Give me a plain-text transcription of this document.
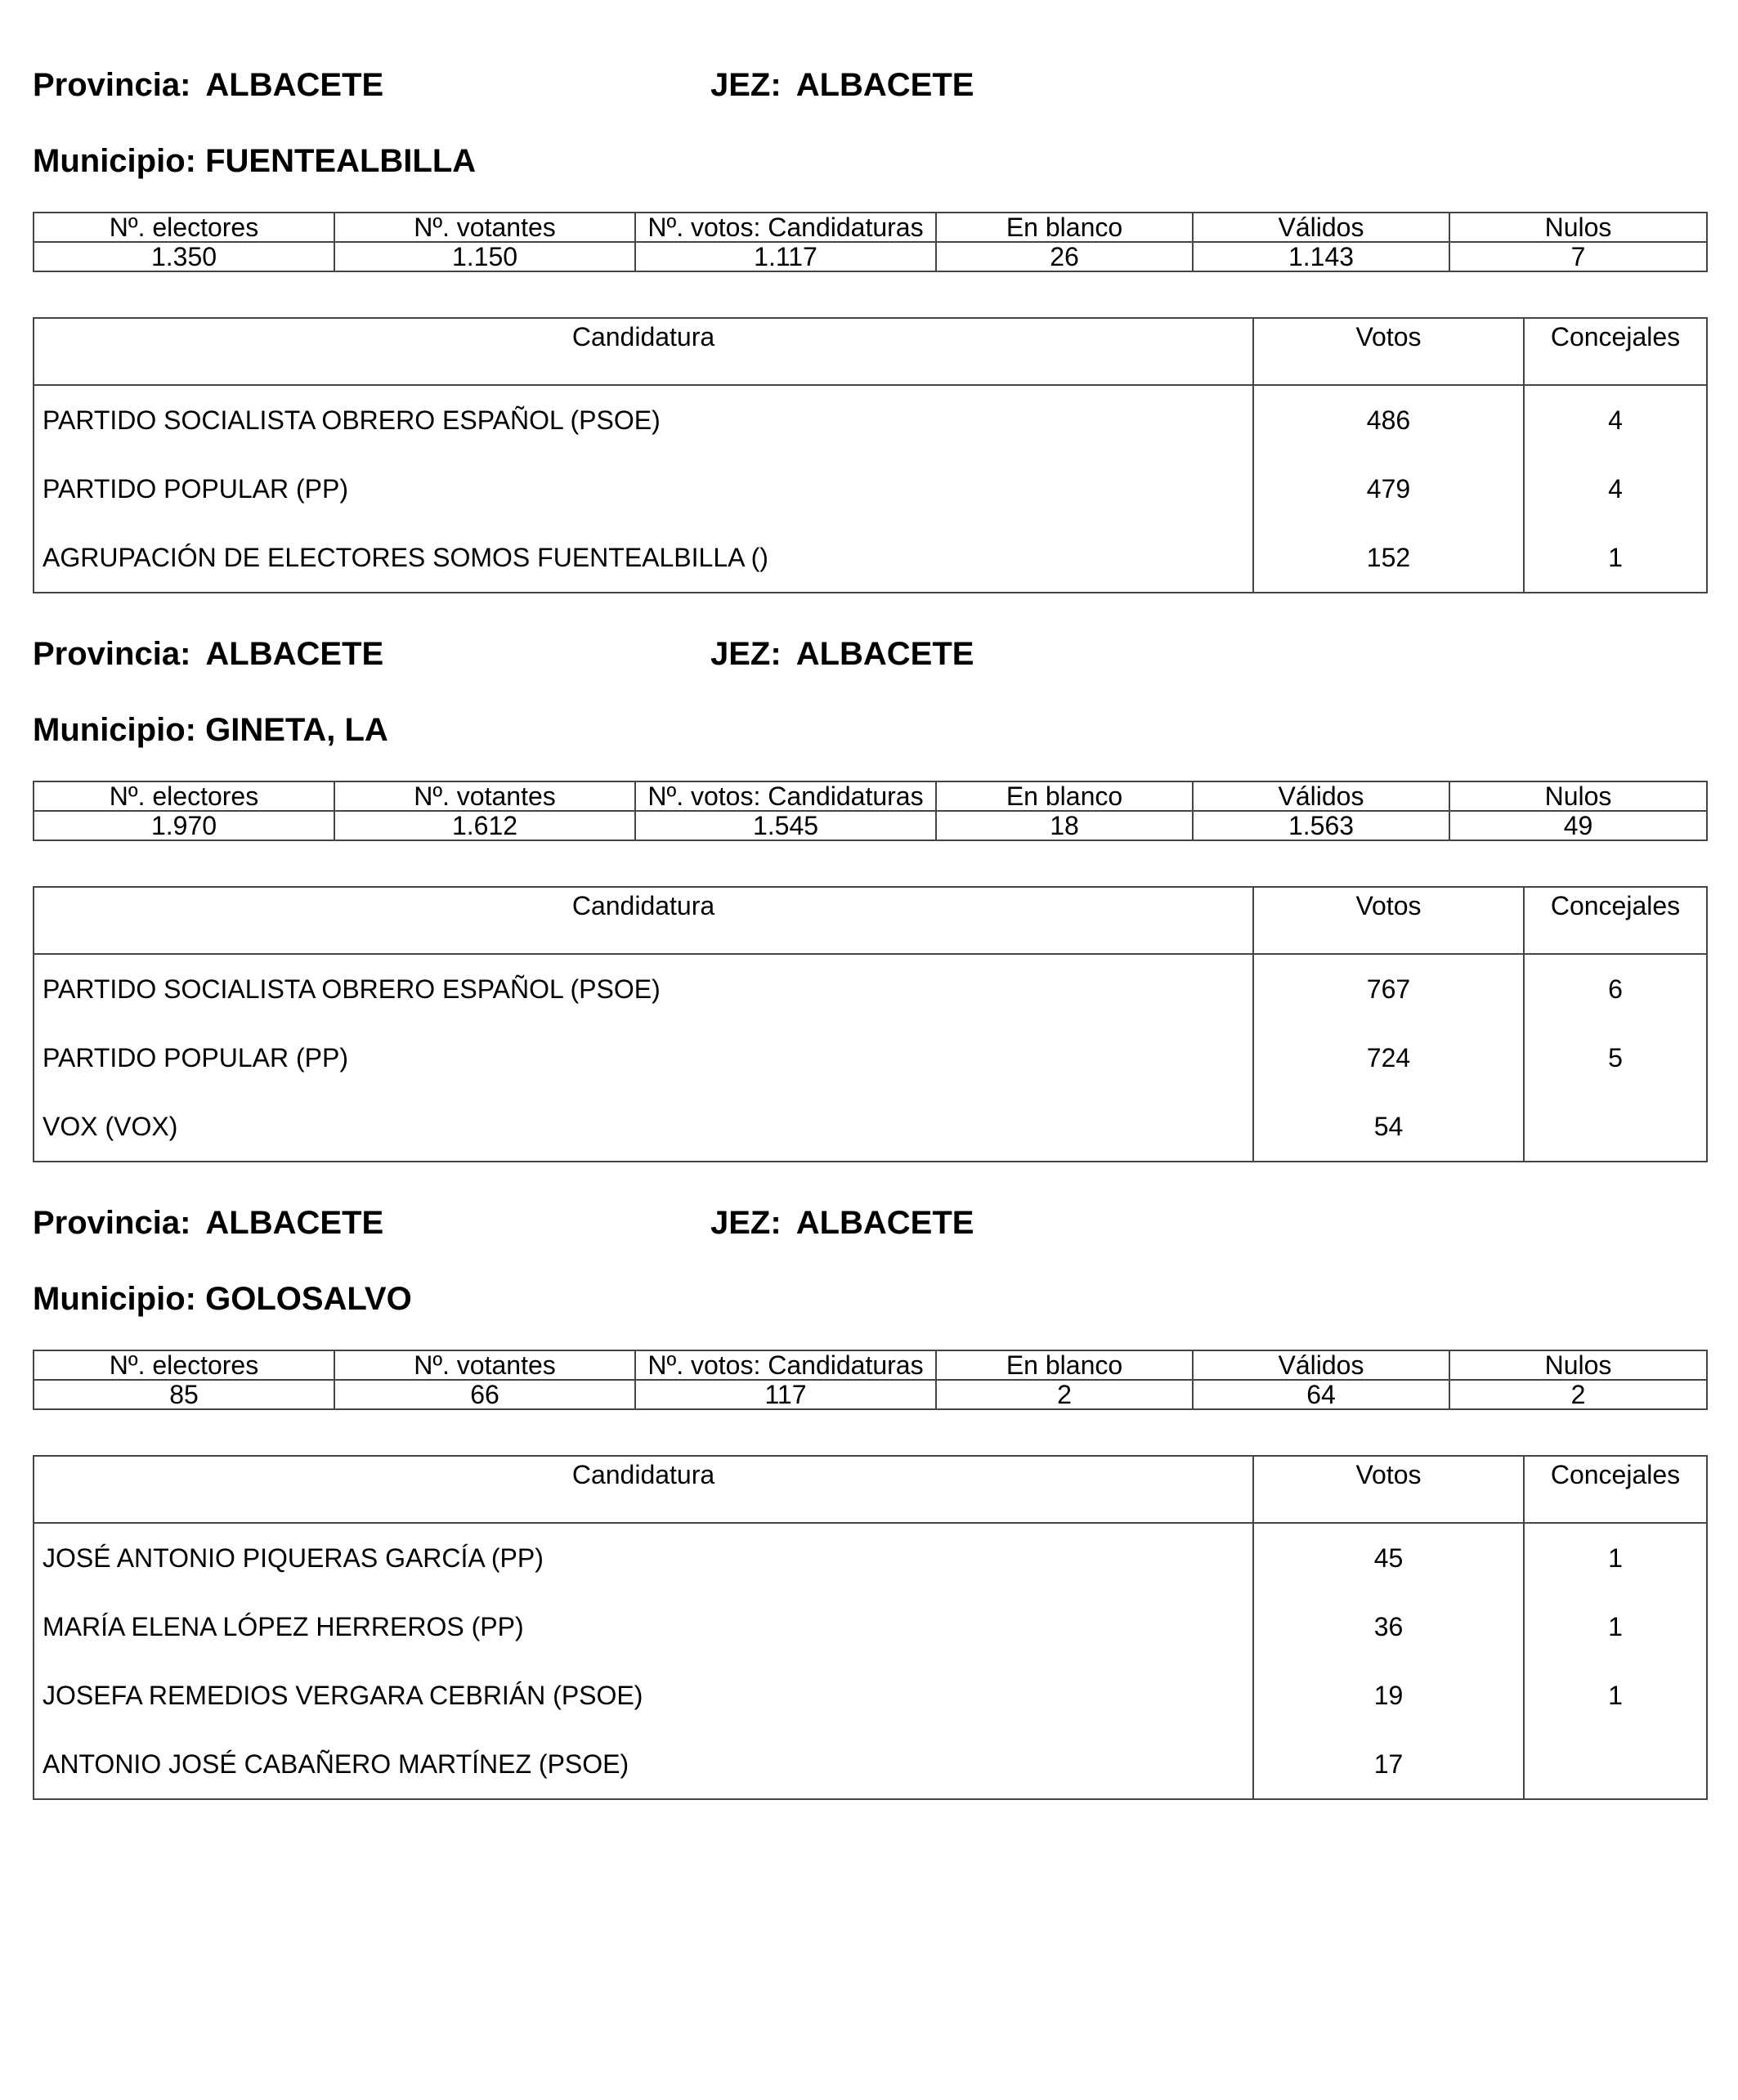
Provincia: ALBACETE	JEZ: ALBACETE
Municipio: FUENTEALBILLA
Nº. electores	Nº. votantes	Nº. votos: Candidaturas	En blanco	Válidos	Nulos
1.350	1.150	1.117	26	1.143	7
Candidatura	Votos	Concejales
PARTIDO SOCIALISTA OBRERO ESPAÑOL (PSOE)	486	4
PARTIDO POPULAR (PP)	479	4
AGRUPACIÓN DE ELECTORES SOMOS FUENTEALBILLA ()	152	1
Provincia: ALBACETE	JEZ: ALBACETE
Municipio: GINETA, LA
Nº. electores	Nº. votantes	Nº. votos: Candidaturas	En blanco	Válidos	Nulos
1.970	1.612	1.545	18	1.563	49
Candidatura	Votos	Concejales
PARTIDO SOCIALISTA OBRERO ESPAÑOL (PSOE)	767	6
PARTIDO POPULAR (PP)	724	5
VOX (VOX)	54	
Provincia: ALBACETE	JEZ: ALBACETE
Municipio: GOLOSALVO
Nº. electores	Nº. votantes	Nº. votos: Candidaturas	En blanco	Válidos	Nulos
85	66	117	2	64	2
Candidatura	Votos	Concejales
JOSÉ ANTONIO PIQUERAS GARCÍA (PP)	45	1
MARÍA ELENA LÓPEZ HERREROS (PP)	36	1
JOSEFA REMEDIOS VERGARA CEBRIÁN (PSOE)	19	1
ANTONIO JOSÉ CABAÑERO MARTÍNEZ (PSOE)	17	
